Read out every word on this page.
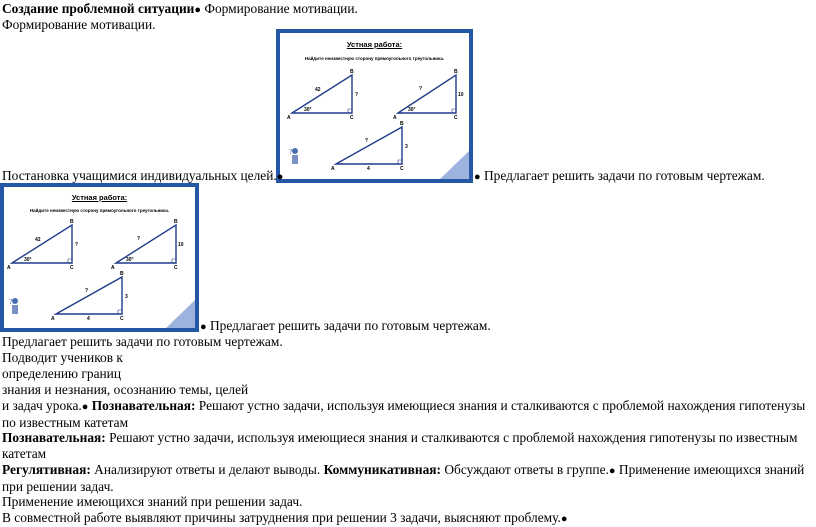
Создание проблемной ситуации● Формирование мотивации.
Формирование мотивации.
Устная работа:
Найдите неизвестную сторону прямоугольного треугольника.
B
A	C
42
?
30°
B
A	C
?
10
30°
B
A	C
?
3
4
?
Постановка учащимися индивидуальных целей.●	● Предлагает решить задачи по готовым чертежам.
Устная работа:
Найдите неизвестную сторону прямоугольного треугольника.
B
A	C
42
?
30°
B
A	C
?
10
30°
B
A	C
?
3
4
?
● Предлагает решить задачи по готовым чертежам.
Предлагает решить задачи по готовым чертежам.
Подводит учеников к
определению границ
знания и незнания, осознанию темы, целей
и задач урока.● Познавательная: Решают устно задачи, используя имеющиеся знания и сталкиваются с проблемой нахождения гипотенузы по известным катетам
Познавательная: Решают устно задачи, используя имеющиеся знания и сталкиваются с проблемой нахождения гипотенузы по известным катетам
Регулятивная: Анализируют ответы и делают выводы. Коммуникативная: Обсуждают ответы в группе.● Применение имеющихся знаний при решении задач.
Применение имеющихся знаний при решении задач.
В совместной работе выявляют причины затруднения при решении 3 задачи, выясняют проблему.●
